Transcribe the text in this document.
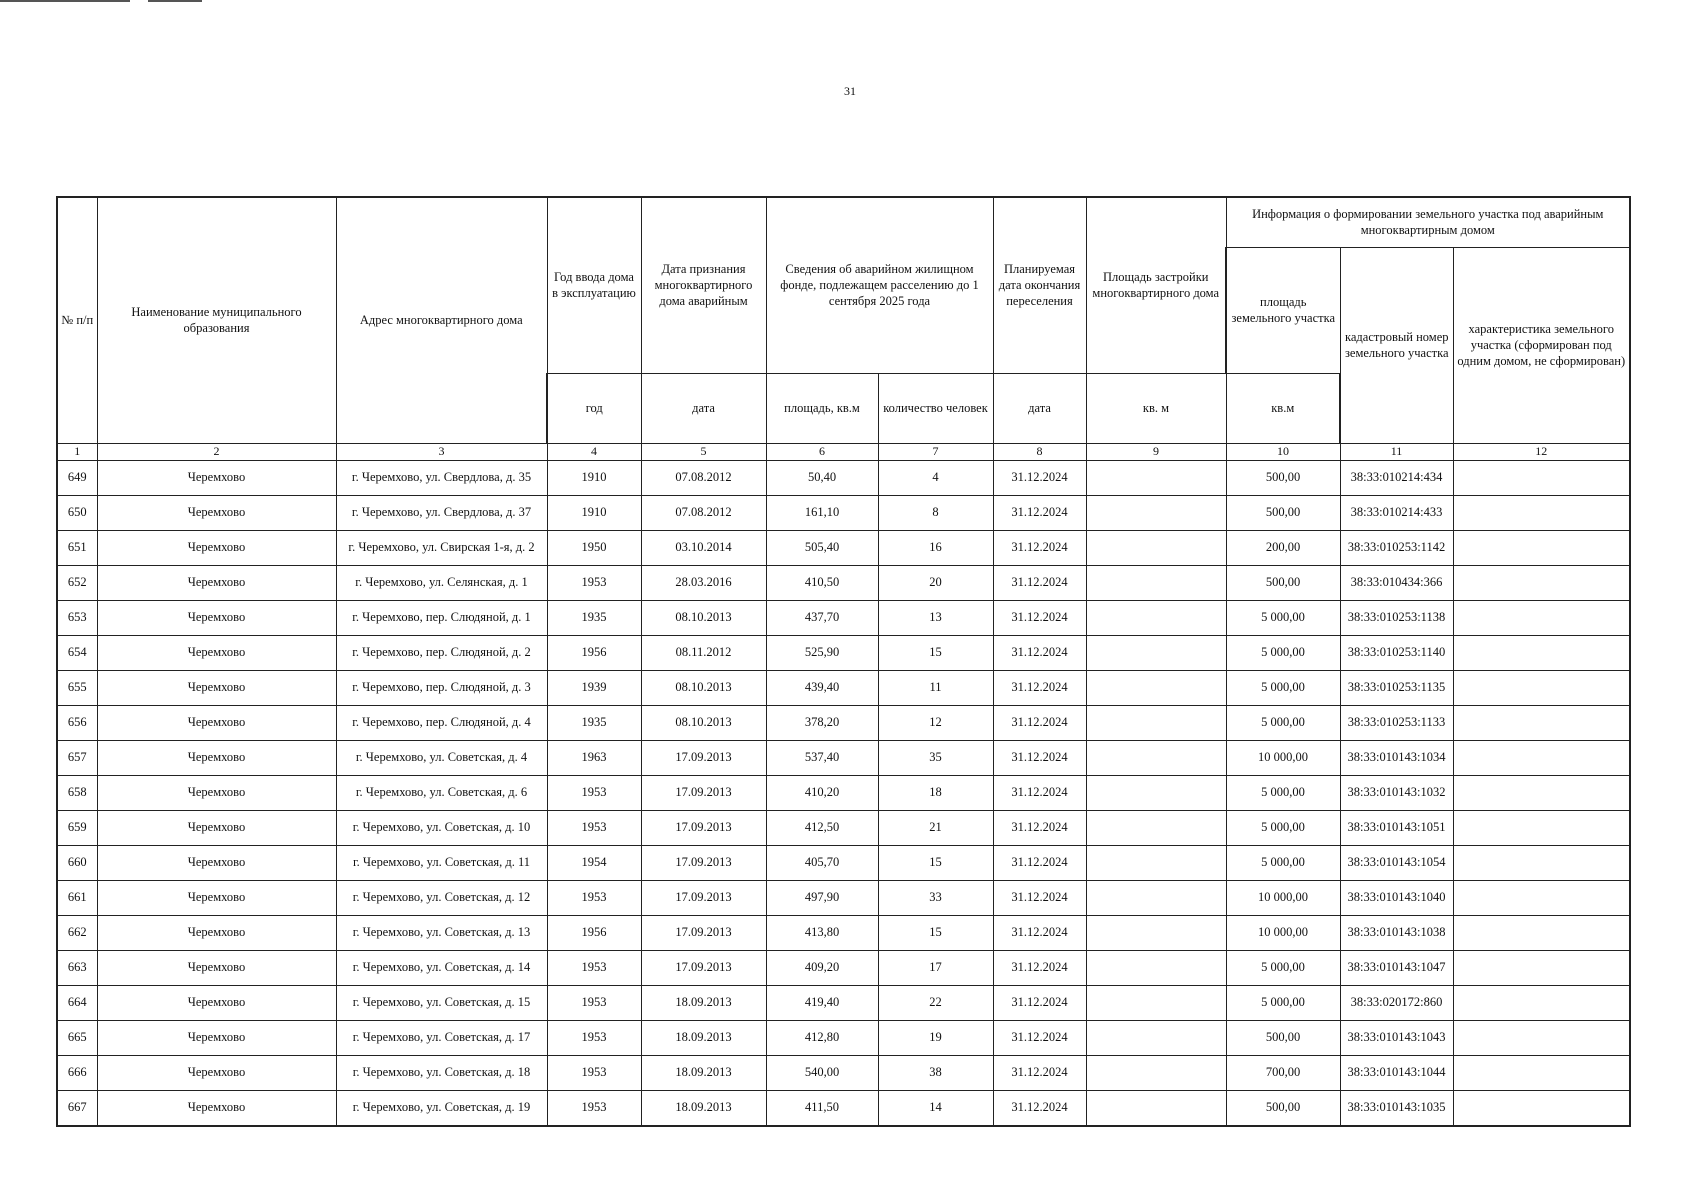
31
№ п/п	Наименование муниципального образования	Адрес многоквартирного дома	Год ввода дома в эксплуатацию	Дата признания многоквартирного дома аварийным	Сведения об аварийном жилищном фонде, подлежащем расселению до 1 сентября 2025 года		Планируемая дата окончания переселения	Площадь застройки многоквартирного дома	Информация о формировании земельного участка под аварийным многоквартирным домом		
									площадь земельного участка	кадастровый номер земельного участка	характеристика земельного участка (сформирован под одним домом, не сформирован)
			год	дата	площадь, кв.м	количество человек	дата	кв. м	кв.м		
1	2	3	4	5	6	7	8	9	10	11	12
649	Черемхово	г. Черемхово, ул. Свердлова, д. 35	1910	07.08.2012	50,40	4	31.12.2024		500,00	38:33:010214:434	
650	Черемхово	г. Черемхово, ул. Свердлова, д. 37	1910	07.08.2012	161,10	8	31.12.2024		500,00	38:33:010214:433	
651	Черемхово	г. Черемхово, ул. Свирская 1-я, д. 2	1950	03.10.2014	505,40	16	31.12.2024		200,00	38:33:010253:1142	
652	Черемхово	г. Черемхово, ул. Селянская, д. 1	1953	28.03.2016	410,50	20	31.12.2024		500,00	38:33:010434:366	
653	Черемхово	г. Черемхово, пер. Слюдяной, д. 1	1935	08.10.2013	437,70	13	31.12.2024		5 000,00	38:33:010253:1138	
654	Черемхово	г. Черемхово, пер. Слюдяной, д. 2	1956	08.11.2012	525,90	15	31.12.2024		5 000,00	38:33:010253:1140	
655	Черемхово	г. Черемхово, пер. Слюдяной, д. 3	1939	08.10.2013	439,40	11	31.12.2024		5 000,00	38:33:010253:1135	
656	Черемхово	г. Черемхово, пер. Слюдяной, д. 4	1935	08.10.2013	378,20	12	31.12.2024		5 000,00	38:33:010253:1133	
657	Черемхово	г. Черемхово, ул. Советская, д. 4	1963	17.09.2013	537,40	35	31.12.2024		10 000,00	38:33:010143:1034	
658	Черемхово	г. Черемхово, ул. Советская, д. 6	1953	17.09.2013	410,20	18	31.12.2024		5 000,00	38:33:010143:1032	
659	Черемхово	г. Черемхово, ул. Советская, д. 10	1953	17.09.2013	412,50	21	31.12.2024		5 000,00	38:33:010143:1051	
660	Черемхово	г. Черемхово, ул. Советская, д. 11	1954	17.09.2013	405,70	15	31.12.2024		5 000,00	38:33:010143:1054	
661	Черемхово	г. Черемхово, ул. Советская, д. 12	1953	17.09.2013	497,90	33	31.12.2024		10 000,00	38:33:010143:1040	
662	Черемхово	г. Черемхово, ул. Советская, д. 13	1956	17.09.2013	413,80	15	31.12.2024		10 000,00	38:33:010143:1038	
663	Черемхово	г. Черемхово, ул. Советская, д. 14	1953	17.09.2013	409,20	17	31.12.2024		5 000,00	38:33:010143:1047	
664	Черемхово	г. Черемхово, ул. Советская, д. 15	1953	18.09.2013	419,40	22	31.12.2024		5 000,00	38:33:020172:860	
665	Черемхово	г. Черемхово, ул. Советская, д. 17	1953	18.09.2013	412,80	19	31.12.2024		500,00	38:33:010143:1043	
666	Черемхово	г. Черемхово, ул. Советская, д. 18	1953	18.09.2013	540,00	38	31.12.2024		700,00	38:33:010143:1044	
667	Черемхово	г. Черемхово, ул. Советская, д. 19	1953	18.09.2013	411,50	14	31.12.2024		500,00	38:33:010143:1035	
